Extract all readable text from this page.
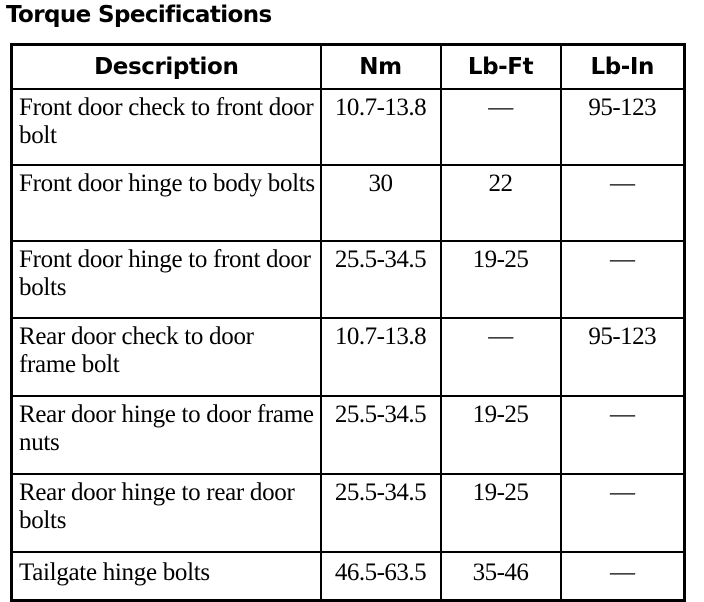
Torque Specifications
Description	Nm	Lb-Ft	Lb-In
Front door check to front door bolt	10.7-13.8	—	95-123
Front door hinge to body bolts	30	22	—
Front door hinge to front door bolts	25.5-34.5	19-25	—
Rear door check to door frame bolt	10.7-13.8	—	95-123
Rear door hinge to door frame nuts	25.5-34.5	19-25	—
Rear door hinge to rear door bolts	25.5-34.5	19-25	—
Tailgate hinge bolts	46.5-63.5	35-46	—
